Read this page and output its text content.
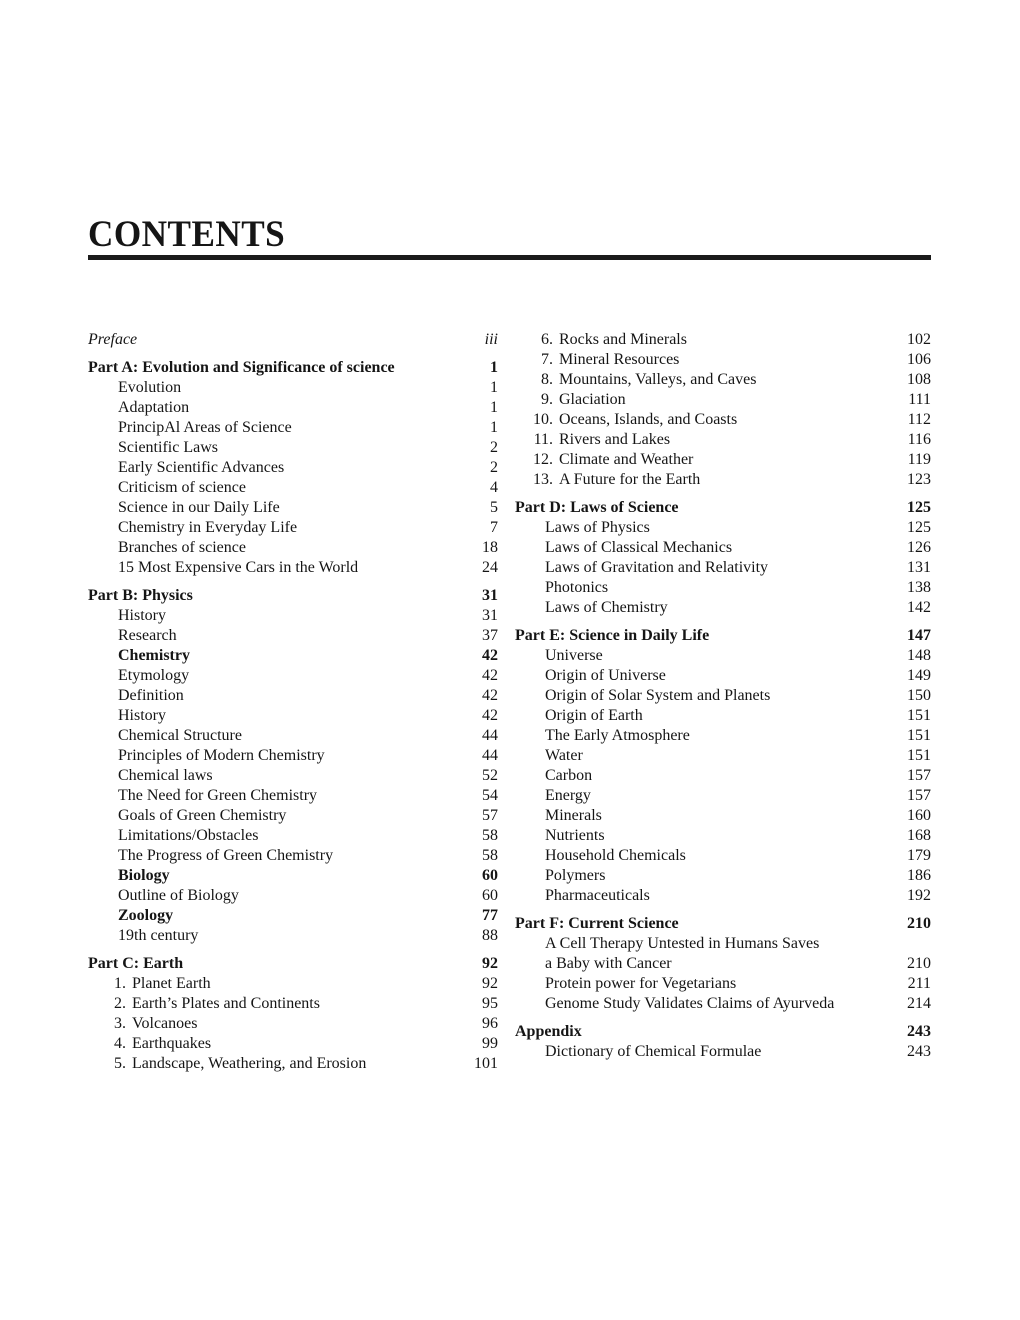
CONTENTS
Preface	iii
Part A: Evolution and Significance of science	1
Evolution	1
Adaptation	1
PrincipAl Areas of Science	1
Scientific Laws	2
Early Scientific Advances	2
Criticism of science	4
Science in our Daily Life	5
Chemistry in Everyday Life	7
Branches of science	18
15 Most Expensive Cars in the World	24
Part B: Physics	31
History	31
Research	37
Chemistry	42
Etymology	42
Definition	42
History	42
Chemical Structure	44
Principles of Modern Chemistry	44
Chemical laws	52
The Need for Green Chemistry	54
Goals of Green Chemistry	57
Limitations/Obstacles	58
The Progress of Green Chemistry	58
Biology	60
Outline of Biology	60
Zoology	77
19th century	88
Part C: Earth	92
1. Planet Earth	92
2. Earth’s Plates and Continents	95
3. Volcanoes	96
4. Earthquakes	99
5. Landscape, Weathering, and Erosion	101
6. Rocks and Minerals	102
7. Mineral Resources	106
8. Mountains, Valleys, and Caves	108
9. Glaciation	111
10. Oceans, Islands, and Coasts	112
11. Rivers and Lakes	116
12. Climate and Weather	119
13. A Future for the Earth	123
Part D: Laws of Science	125
Laws of Physics	125
Laws of Classical Mechanics	126
Laws of Gravitation and Relativity	131
Photonics	138
Laws of Chemistry	142
Part E: Science in Daily Life	147
Universe	148
Origin of Universe	149
Origin of Solar System and Planets	150
Origin of Earth	151
The Early Atmosphere	151
Water	151
Carbon	157
Energy	157
Minerals	160
Nutrients	168
Household Chemicals	179
Polymers	186
Pharmaceuticals	192
Part F: Current Science	210
A Cell Therapy Untested in Humans Saves
a Baby with Cancer	210
Protein power for Vegetarians	211
Genome Study Validates Claims of Ayurveda	214
Appendix	243
Dictionary of Chemical Formulae	243
